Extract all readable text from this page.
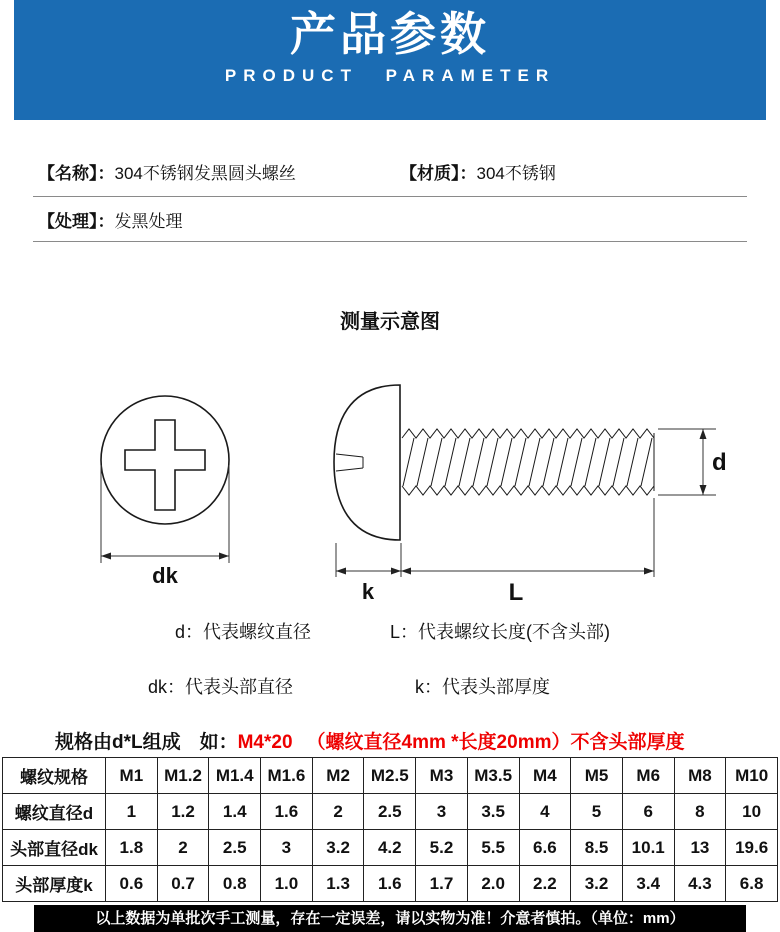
产品参数
PRODUCT PARAMETER
【名称】：304不锈钢发黑圆头螺丝	【材质】：304不锈钢
【处理】：发黑处理
测量示意图
dk
d
k	L
d：代表螺纹直径	L：代表螺纹长度(不含头部)
dk：代表头部直径	k：代表头部厚度
规格由d*L组成　如：M4*20 （螺纹直径4mm *长度20mm）不含头部厚度
螺纹规格	M1	M1.2	M1.4	M1.6	M2	M2.5	M3	M3.5	M4	M5	M6	M8	M10
螺纹直径d	1	1.2	1.4	1.6	2	2.5	3	3.5	4	5	6	8	10
头部直径dk	1.8	2	2.5	3	3.2	4.2	5.2	5.5	6.6	8.5	10.1	13	19.6
头部厚度k	0.6	0.7	0.8	1.0	1.3	1.6	1.7	2.0	2.2	3.2	3.4	4.3	6.8
以上数据为单批次手工测量，存在一定误差，请以实物为准！介意者慎拍。（单位：mm）
